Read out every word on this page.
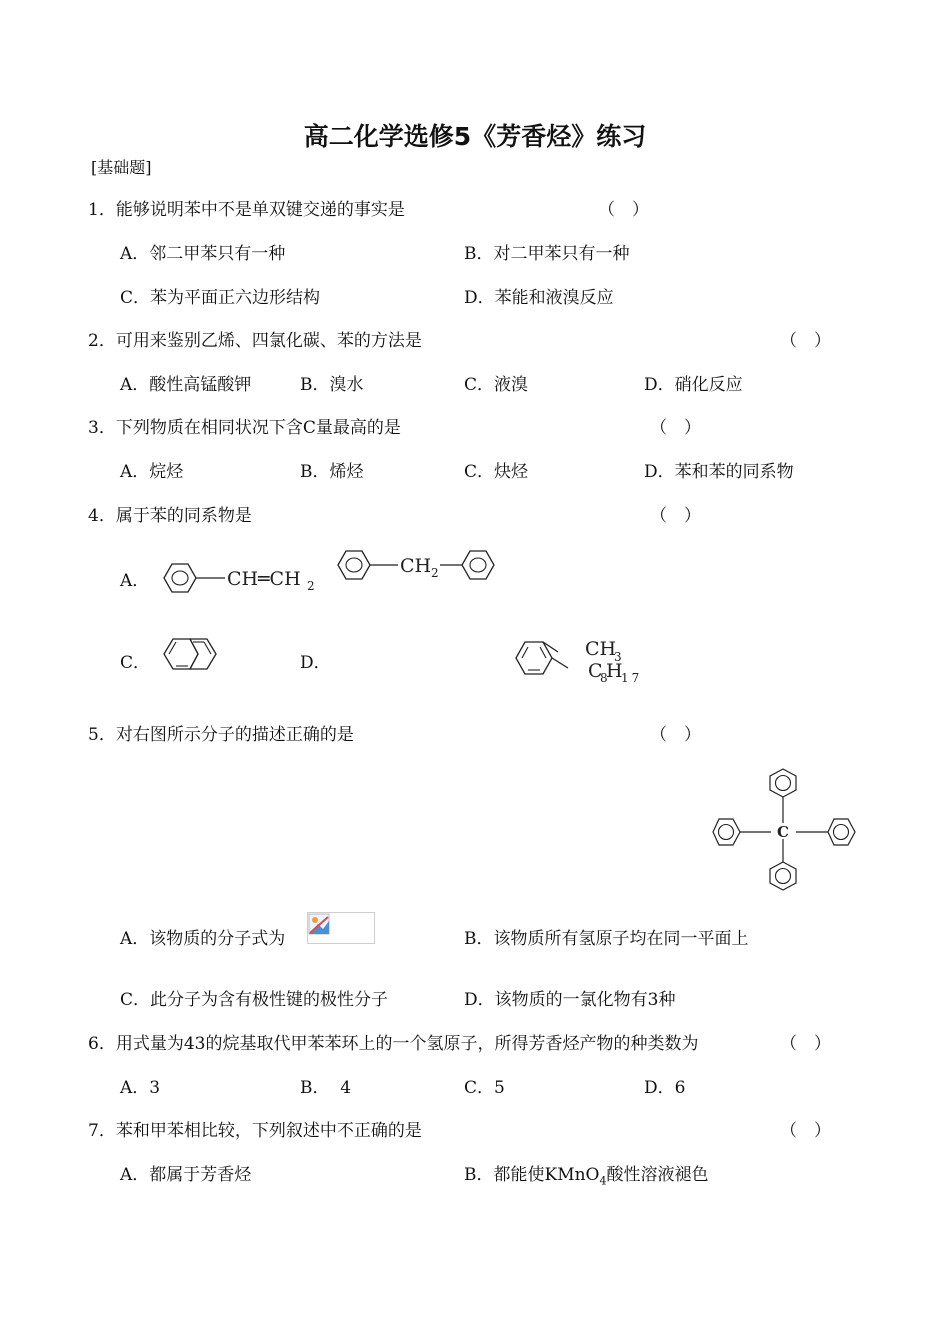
高二化学选修5《芳香烃》练习
[基础题]
1．能够说明苯中不是单双键交递的事实是	（　）
A．邻二甲苯只有一种	B．对二甲苯只有一种
C．苯为平面正六边形结构	D．苯能和液溴反应
2．可用来鉴别乙烯、四氯化碳、苯的方法是	（　）
A．酸性高锰酸钾	B．溴水	C．液溴	D．硝化反应
3．下列物质在相同状况下含C量最高的是	（　）
A．烷烃	B．烯烃	C．炔烃	D．苯和苯的同系物
4．属于苯的同系物是	（　）
A．
C．	D．
CH═CH 2
CH 2
CH
3
C
8
H
17
5．对右图所示分子的描述正确的是	（　）
C
A．该物质的分子式为	B．该物质所有氢原子均在同一平面上
C．此分子为含有极性键的极性分子	D．该物质的一氯化物有3种
6．用式量为43的烷基取代甲苯苯环上的一个氢原子，所得芳香烃产物的种类数为	（　）
A．3	B．  4	C．5	D．6
7．苯和甲苯相比较，下列叙述中不正确的是	（　）
A．都属于芳香烃	B．都能使KMnO$_4$酸性溶液褪色
